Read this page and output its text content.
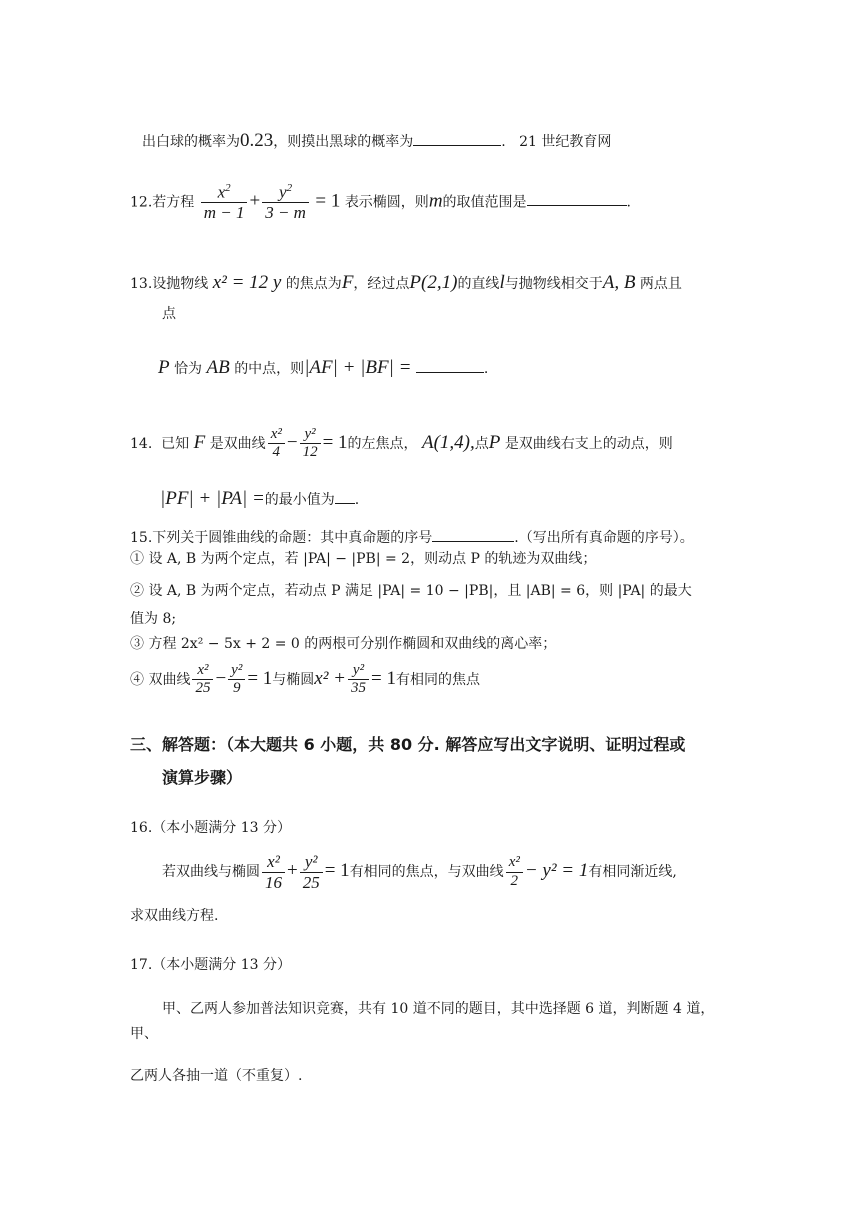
出白球的概率为0.23，则摸出黑球的概率为	. 21 世纪教育网
12.若方程 $\frac{x^2}{m - 1} + \frac{y^2}{3 - m} = 1$ 表示椭圆，则m的取值范围是	.
13.设抛物线 x² = 12 y 的焦点为F，经过点P(2,1)的直线l与抛物线相交于A, B 两点且
点
P 恰为 AB 的中点，则|AF| + |BF| =	.
14. 已知 F 是双曲线 $\frac{\text{x²}}{4} - \frac{\text{y²}}{12} = 1$的左焦点， A(1,4),点P 是双曲线右支上的动点，则
|PF| + |PA| =的最小值为 .
15.下列关于圆锥曲线的命题：其中真命题的序号	.（写出所有真命题的序号）。
① 设 A, B 为两个定点，若 |PA| − |PB| = 2，则动点 P 的轨迹为双曲线；
② 设 A, B 为两个定点，若动点 P 满足 |PA| = 10 − |PB|，且 |AB| = 6，则 |PA| 的最大
值为 8;
③ 方程 2x² − 5x + 2 = 0 的两根可分别作椭圆和双曲线的离心率；
④ 双曲线 $\frac{\text{x²}}{25} - \frac{\text{y²}}{9} = 1$与椭圆$x^2 + \frac{\text{y²}}{35} = 1$有相同的焦点
三、解答题：（本大题共 6 小题，共 80 分. 解答应写出文字说明、证明过程或
演算步骤）
16.（本小题满分 13 分）
若双曲线与椭圆 $\frac{\text{x²}}{16} + \frac{\text{y²}}{25} = 1$有相同的焦点，与双曲线 $\frac{\text{x²}}{2} - y^2 = 1$有相同渐近线,
求双曲线方程.
17.（本小题满分 13 分）
甲、乙两人参加普法知识竞赛，共有 10 道不同的题目，其中选择题 6 道，判断题 4 道，
甲、
乙两人各抽一道（不重复）.
